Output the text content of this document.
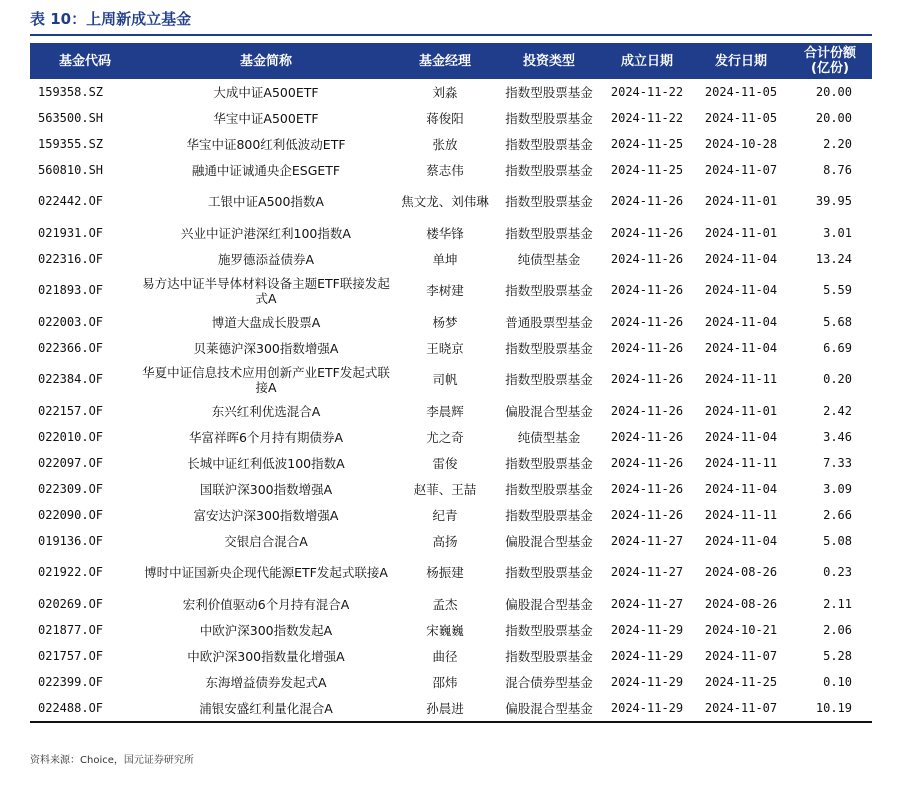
表 10：上周新成立基金
基金代码	基金简称	基金经理	投资类型	成立日期	发行日期	合计份额
(亿份)
159358.SZ	大成中证A500ETF	刘淼	指数型股票基金	2024-11-22	2024-11-05	20.00
563500.SH	华宝中证A500ETF	蒋俊阳	指数型股票基金	2024-11-22	2024-11-05	20.00
159355.SZ	华宝中证800红利低波动ETF	张放	指数型股票基金	2024-11-25	2024-10-28	2.20
560810.SH	融通中证诚通央企ESGETF	蔡志伟	指数型股票基金	2024-11-25	2024-11-07	8.76
022442.OF	工银中证A500指数A	焦文龙、刘伟琳	指数型股票基金	2024-11-26	2024-11-01	39.95
021931.OF	兴业中证沪港深红利100指数A	楼华锋	指数型股票基金	2024-11-26	2024-11-01	3.01
022316.OF	施罗德添益债券A	单坤	纯债型基金	2024-11-26	2024-11-04	13.24
021893.OF	易方达中证半导体材料设备主题ETF联接发起式A	李树建	指数型股票基金	2024-11-26	2024-11-04	5.59
022003.OF	博道大盘成长股票A	杨梦	普通股票型基金	2024-11-26	2024-11-04	5.68
022366.OF	贝莱德沪深300指数增强A	王晓京	指数型股票基金	2024-11-26	2024-11-04	6.69
022384.OF	华夏中证信息技术应用创新产业ETF发起式联接A	司帆	指数型股票基金	2024-11-26	2024-11-11	0.20
022157.OF	东兴红利优选混合A	李晨辉	偏股混合型基金	2024-11-26	2024-11-01	2.42
022010.OF	华富祥晖6个月持有期债券A	尤之奇	纯债型基金	2024-11-26	2024-11-04	3.46
022097.OF	长城中证红利低波100指数A	雷俊	指数型股票基金	2024-11-26	2024-11-11	7.33
022309.OF	国联沪深300指数增强A	赵菲、王喆	指数型股票基金	2024-11-26	2024-11-04	3.09
022090.OF	富安达沪深300指数增强A	纪青	指数型股票基金	2024-11-26	2024-11-11	2.66
019136.OF	交银启合混合A	高扬	偏股混合型基金	2024-11-27	2024-11-04	5.08
021922.OF	博时中证国新央企现代能源ETF发起式联接A	杨振建	指数型股票基金	2024-11-27	2024-08-26	0.23
020269.OF	宏利价值驱动6个月持有混合A	孟杰	偏股混合型基金	2024-11-27	2024-08-26	2.11
021877.OF	中欧沪深300指数发起A	宋巍巍	指数型股票基金	2024-11-29	2024-10-21	2.06
021757.OF	中欧沪深300指数量化增强A	曲径	指数型股票基金	2024-11-29	2024-11-07	5.28
022399.OF	东海增益债券发起式A	邵炜	混合债券型基金	2024-11-29	2024-11-25	0.10
022488.OF	浦银安盛红利量化混合A	孙晨进	偏股混合型基金	2024-11-29	2024-11-07	10.19
资料来源：Choice，国元证券研究所
